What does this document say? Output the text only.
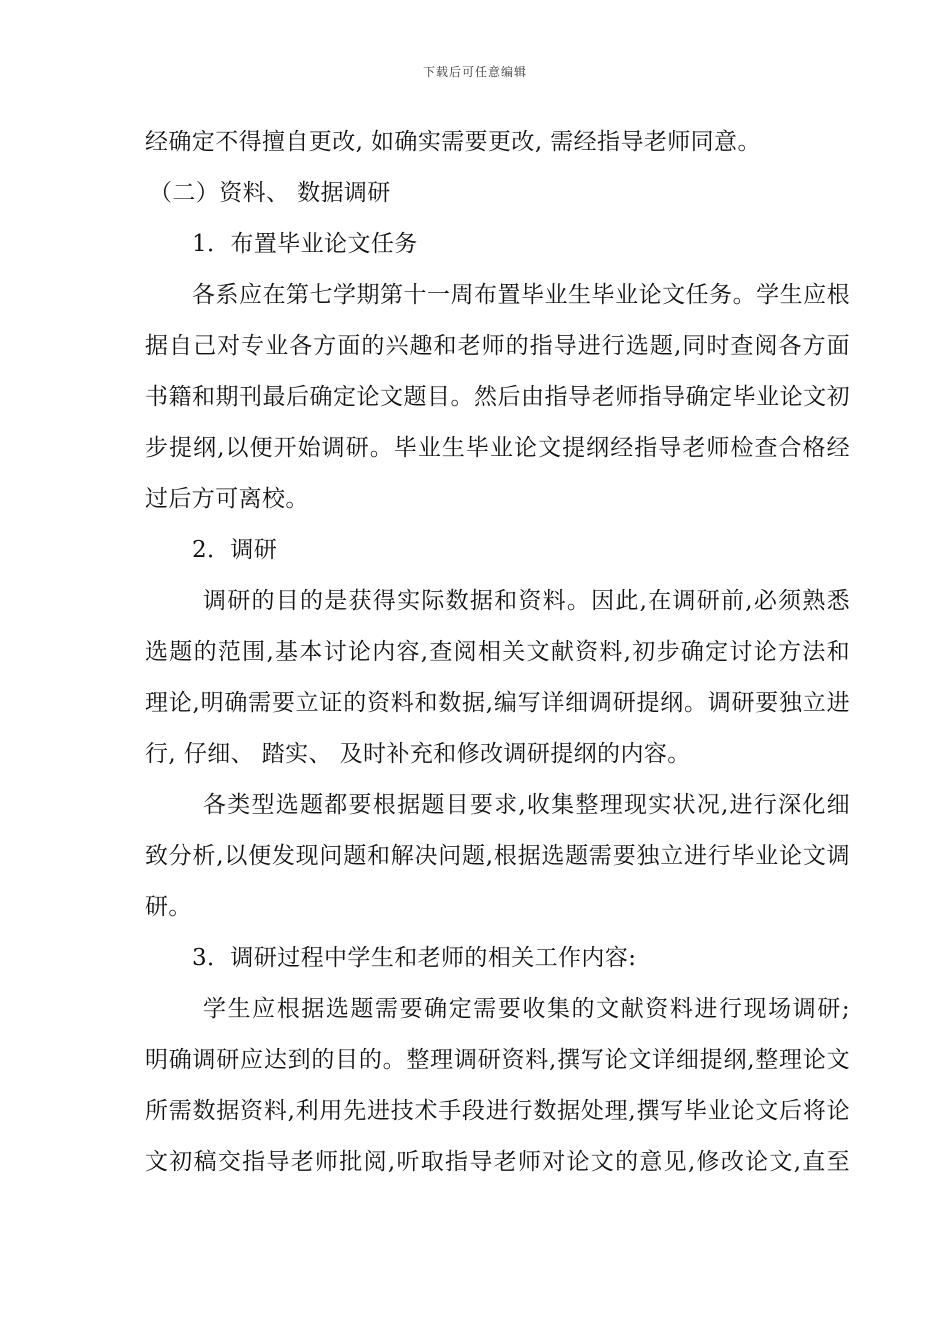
下载后可任意编辑
经确定不得擅自更改, 如确实需要更改, 需经指导老师同意。
（二）资料、 数据调研
1．布置毕业论文任务
各系应在第七学期第十一周布置毕业生毕业论文任务。学生应根
据自己对专业各方面的兴趣和老师的指导进行选题,同时查阅各方面
书籍和期刊最后确定论文题目。然后由指导老师指导确定毕业论文初
步提纲,以便开始调研。毕业生毕业论文提纲经指导老师检查合格经
过后方可离校。
2．调研
调研的目的是获得实际数据和资料。因此,在调研前,必须熟悉
选题的范围,基本讨论内容,查阅相关文献资料,初步确定讨论方法和
理论,明确需要立证的资料和数据,编写详细调研提纲。调研要独立进
行, 仔细、 踏实、 及时补充和修改调研提纲的内容。
各类型选题都要根据题目要求,收集整理现实状况,进行深化细
致分析,以便发现问题和解决问题,根据选题需要独立进行毕业论文调
研。
3．调研过程中学生和老师的相关工作内容:
学生应根据选题需要确定需要收集的文献资料进行现场调研;
明确调研应达到的目的。整理调研资料,撰写论文详细提纲,整理论文
所需数据资料,利用先进技术手段进行数据处理,撰写毕业论文后将论
文初稿交指导老师批阅,听取指导老师对论文的意见,修改论文,直至
